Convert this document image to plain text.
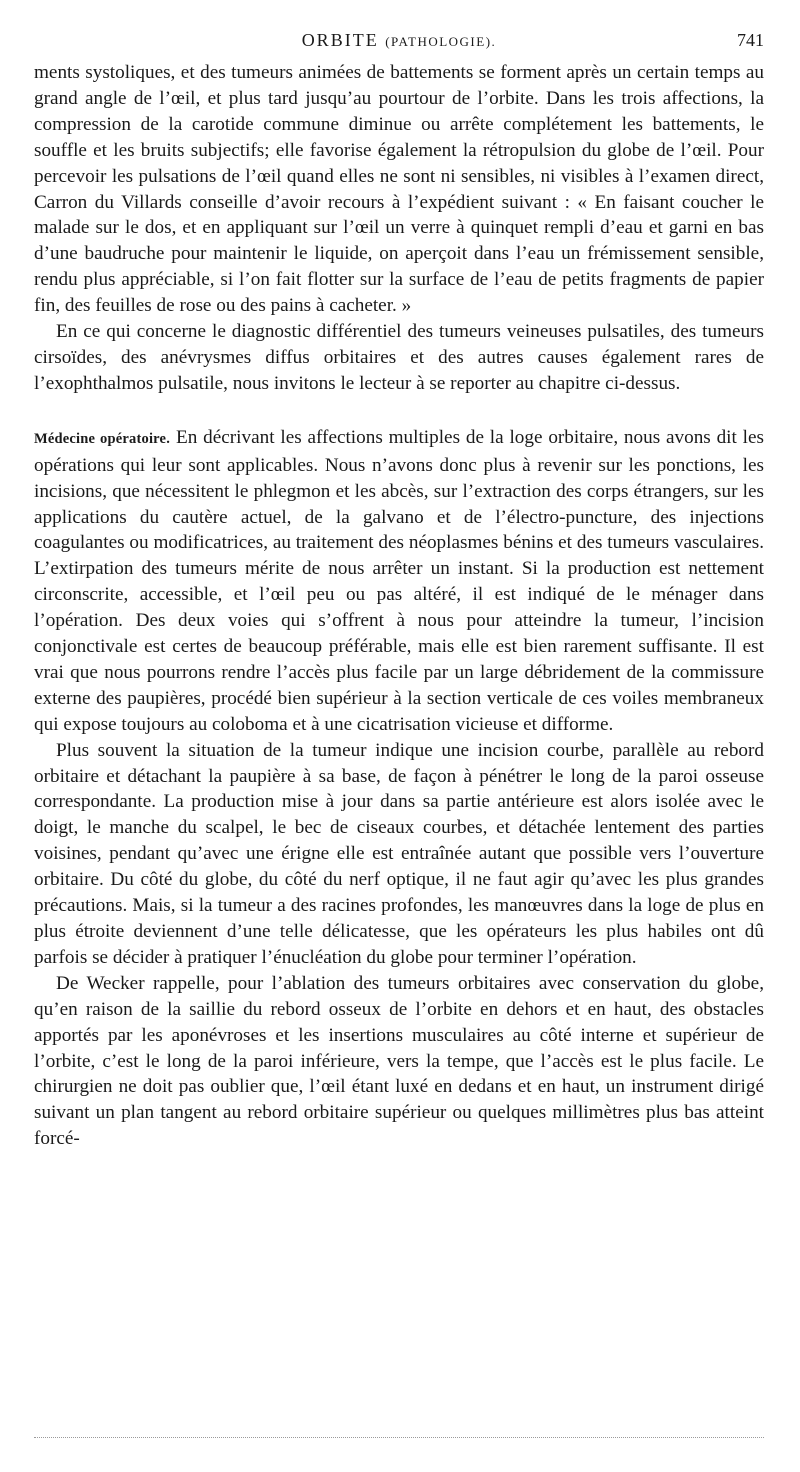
ORBITE (PATHOLOGIE).	741

ments systoliques, et des tumeurs animées de battements se forment après un certain temps au grand angle de l’œil, et plus tard jusqu’au pourtour de l’orbite. Dans les trois affections, la compression de la carotide commune diminue ou arrête complétement les battements, le souffle et les bruits subjectifs; elle favorise également la rétropulsion du globe de l’œil. Pour percevoir les pulsations de l’œil quand elles ne sont ni sensibles, ni visibles à l’examen direct, Carron du Villards conseille d’avoir recours à l’expédient suivant : « En faisant coucher le malade sur le dos, et en appliquant sur l’œil un verre à quinquet rempli d’eau et garni en bas d’une baudruche pour maintenir le liquide, on aperçoit dans l’eau un frémissement sensible, rendu plus appréciable, si l’on fait flotter sur la surface de l’eau de petits fragments de papier fin, des feuilles de rose ou des pains à cacheter. »

En ce qui concerne le diagnostic différentiel des tumeurs veineuses pulsatiles, des tumeurs cirsoïdes, des anévrysmes diffus orbitaires et des autres causes également rares de l’exophthalmos pulsatile, nous invitons le lecteur à se reporter au chapitre ci-dessus.

Médecine opératoire. En décrivant les affections multiples de la loge orbitaire, nous avons dit les opérations qui leur sont applicables. Nous n’avons donc plus à revenir sur les ponctions, les incisions, que nécessitent le phlegmon et les abcès, sur l’extraction des corps étrangers, sur les applications du cautère actuel, de la galvano et de l’électro-puncture, des injections coagulantes ou modificatrices, au traitement des néoplasmes bénins et des tumeurs vasculaires. L’extirpation des tumeurs mérite de nous arrêter un instant. Si la production est nettement circonscrite, accessible, et l’œil peu ou pas altéré, il est indiqué de le ménager dans l’opération. Des deux voies qui s’offrent à nous pour atteindre la tumeur, l’incision conjonctivale est certes de beaucoup préférable, mais elle est bien rarement suffisante. Il est vrai que nous pourrons rendre l’accès plus facile par un large débridement de la commissure externe des paupières, procédé bien supérieur à la section verticale de ces voiles membraneux qui expose toujours au coloboma et à une cicatrisation vicieuse et difforme.

Plus souvent la situation de la tumeur indique une incision courbe, parallèle au rebord orbitaire et détachant la paupière à sa base, de façon à pénétrer le long de la paroi osseuse correspondante. La production mise à jour dans sa partie antérieure est alors isolée avec le doigt, le manche du scalpel, le bec de ciseaux courbes, et détachée lentement des parties voisines, pendant qu’avec une érigne elle est entraînée autant que possible vers l’ouverture orbitaire. Du côté du globe, du côté du nerf optique, il ne faut agir qu’avec les plus grandes précautions. Mais, si la tumeur a des racines profondes, les manœuvres dans la loge de plus en plus étroite deviennent d’une telle délicatesse, que les opérateurs les plus habiles ont dû parfois se décider à pratiquer l’énucléation du globe pour terminer l’opération.

De Wecker rappelle, pour l’ablation des tumeurs orbitaires avec conservation du globe, qu’en raison de la saillie du rebord osseux de l’orbite en dehors et en haut, des obstacles apportés par les aponévroses et les insertions musculaires au côté interne et supérieur de l’orbite, c’est le long de la paroi inférieure, vers la tempe, que l’accès est le plus facile. Le chirurgien ne doit pas oublier que, l’œil étant luxé en dedans et en haut, un instrument dirigé suivant un plan tangent au rebord orbitaire supérieur ou quelques millimètres plus bas atteint forcé-
